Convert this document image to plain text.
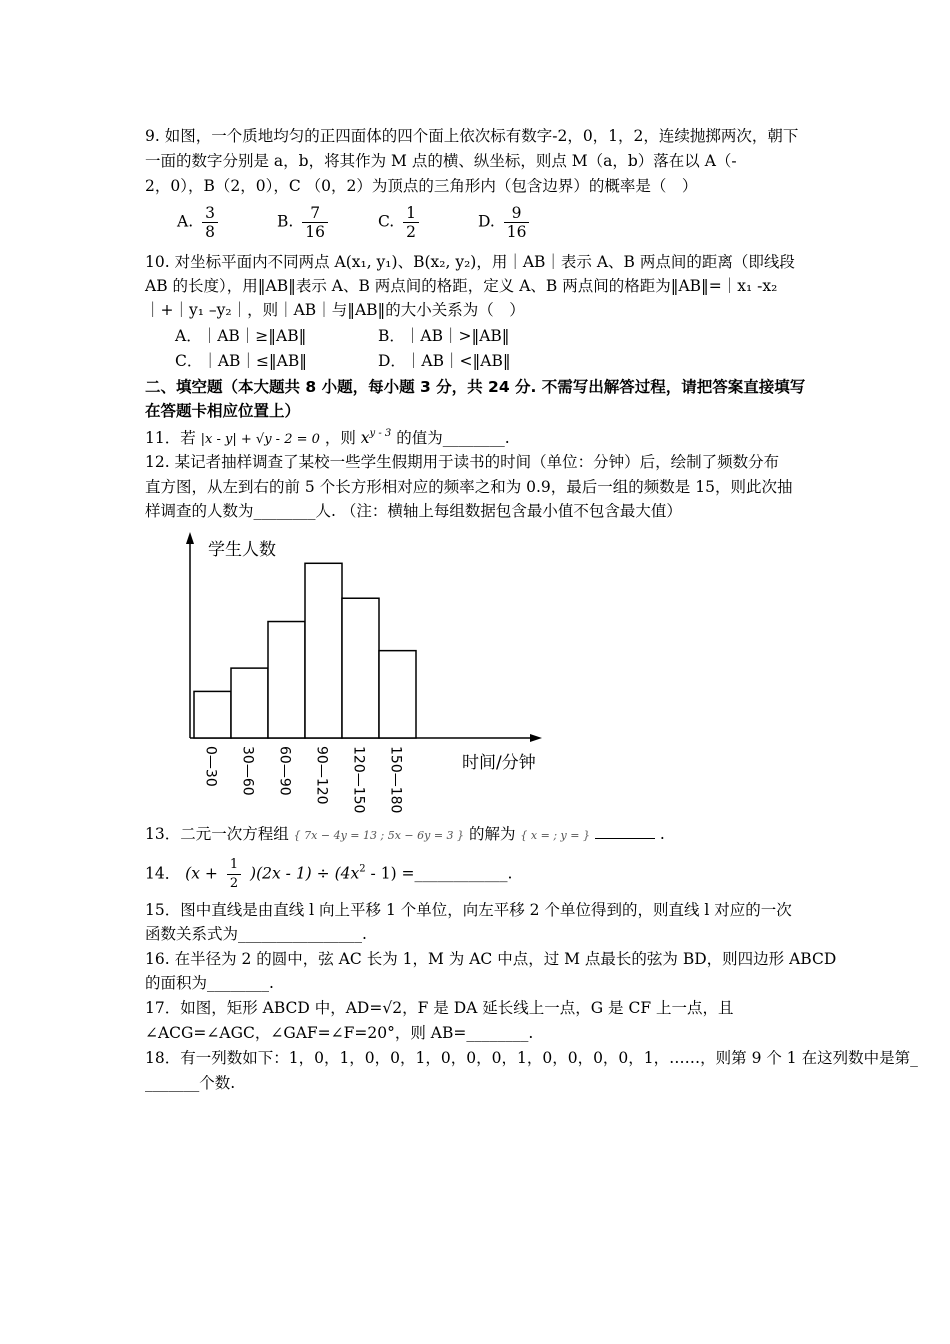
9. 如图，一个质地均匀的正四面体的四个面上依次标有数字-2，0，1，2，连续抛掷两次，朝下
一面的数字分别是 a，b，将其作为 M 点的横、纵坐标，则点 M（a，b）落在以 A（-
2，0），B（2，0），C （0，2）为顶点的三角形内（包含边界）的概率是（　）
A. $\frac{3}{8}$	B. $\frac{7}{16}$	C. $\frac{1}{2}$	D. $\frac{9}{16}$
10. 对坐标平面内不同两点 A(x₁, y₁)、B(x₂, y₂)，用｜AB｜表示 A、B 两点间的距离（即线段
AB 的长度），用‖AB‖表示 A、B 两点间的格距，定义 A、B 两点间的格距为‖AB‖=｜x₁ -x₂
｜+｜y₁ –y₂｜，则｜AB｜与‖AB‖的大小关系为（　）
A．｜AB｜≥‖AB‖	B．｜AB｜>‖AB‖
C．｜AB｜≤‖AB‖	D．｜AB｜<‖AB‖
二、填空题（本大题共 8 小题，每小题 3 分，共 24 分. 不需写出解答过程，请把答案直接填写
在答题卡相应位置上）
11．若 |x - y| + √y - 2 = 0 ，则 $x^{y - 3}$ 的值为________.
12. 某记者抽样调查了某校一些学生假期用于读书的时间（单位：分钟）后，绘制了频数分布
直方图，从左到右的前 5 个长方形相对应的频率之和为 0.9，最后一组的频数是 15，则此次抽
样调查的人数为________人. （注：横轴上每组数据包含最小值不包含最大值）
学生人数
时间/分钟
0—30 30—60 60—90 90—120 120—150 150—180
13．二元一次方程组 { 7x − 4y = 13 ; 5x − 6y = 3 } 的解为 { x = ; y = }	.
14． $(x + \frac{1}{2} )(2x - 1) \div (4x^2 - 1)$ =____________.
15．图中直线是由直线 l 向上平移 1 个单位，向左平移 2 个单位得到的，则直线 l 对应的一次
函数关系式为________________.
16. 在半径为 2 的圆中，弦 AC 长为 1，M 为 AC 中点，过 M 点最长的弦为 BD，则四边形 ABCD
的面积为________.
17．如图，矩形 ABCD 中，AD=√2，F 是 DA 延长线上一点，G 是 CF 上一点，且
∠ACG=∠AGC，∠GAF=∠F=20°，则 AB=________.
18．有一列数如下：1，0，1，0，0，1，0，0，0，1，0，0，0，0，1，……，则第 9 个 1 在这列数中是第_
_______个数.
